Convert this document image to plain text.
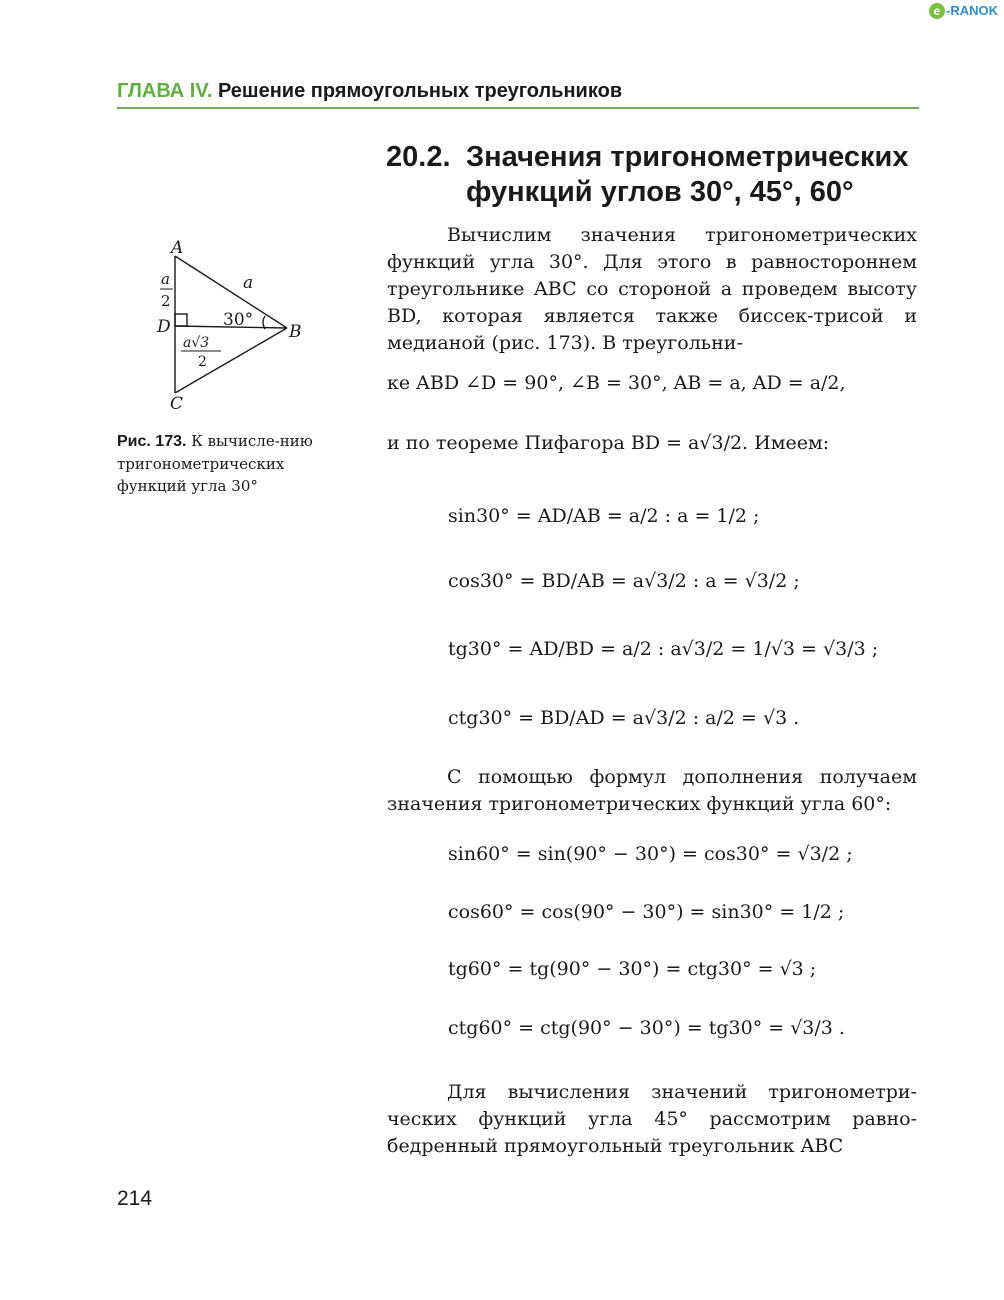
e -RANOK
ГЛАВА IV. Решение прямоугольных треугольников
20.2. Значения тригонометрических
функций углов 30°, 45°, 60°
A
B
C
D
a
a
2
a√3
2
30°
Рис. 173. К вычисле-нию тригонометрических функций угла 30°
Вычислим значения тригонометрических функций угла 30°. Для этого в равностороннем треугольнике ABC со стороной a проведем высоту BD, которая является также биссек-трисой и медианой (рис. 173). В треугольни-
ке ABD ∠D = 90°, ∠B = 30°, AB = a, AD = a/2,
и по теореме Пифагора BD = a√3/2. Имеем:
sin30° = AD/AB = a/2 : a = 1/2 ;
cos30° = BD/AB = a√3/2 : a = √3/2 ;
tg30° = AD/BD = a/2 : a√3/2 = 1/√3 = √3/3 ;
ctg30° = BD/AD = a√3/2 : a/2 = √3 .
С помощью формул дополнения получаем значения тригонометрических функций угла 60°:
sin60° = sin(90° − 30°) = cos30° = √3/2 ;
cos60° = cos(90° − 30°) = sin30° = 1/2 ;
tg60° = tg(90° − 30°) = ctg30° = √3 ;
ctg60° = ctg(90° − 30°) = tg30° = √3/3 .
Для вычисления значений тригонометри-ческих функций угла 45° рассмотрим равно-бедренный прямоугольный треугольник ABC
214
